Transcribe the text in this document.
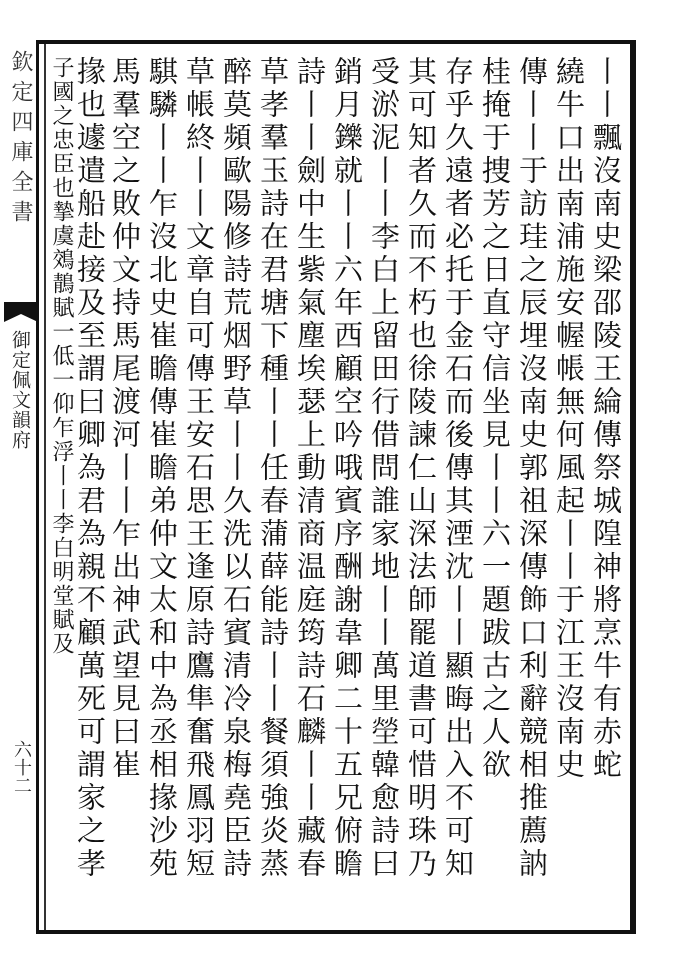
欽定四庫全書
御定佩文韻府
六十二	丨丨飄沒南史梁邵陵王綸傳祭城隍神將烹牛有赤蛇
繞牛口出南浦施安幄帳無何風起丨丨于江王沒南史
傳丨丨于訪珪之辰埋沒南史郭祖深傳飾口利辭競相推薦訥
桂掩于捜芳之日直守信坐見丨丨六一題跋古之人欲
存乎久遠者必托于金石而後傳其湮沈丨丨顯晦出入不可知
其可知者久而不朽也徐陵諫仁山深法師罷道書可惜明珠乃
受淤泥丨丨李白上留田行借問誰家地丨丨萬里塋韓愈詩曰
銷月鑠就丨丨六年西顧空吟哦賓序酬謝韋卿二十五兄俯瞻
詩丨丨劍中生紫氣塵埃瑟上動清商温庭筠詩石麟丨丨藏春
草孝羣玉詩在君塘下種丨丨任春蒲薛能詩丨丨餐須強炎蒸
醉莫頻歐陽修詩荒烟野草丨丨久洗以石賓清冷泉梅堯臣詩
草帳終丨丨文章自可傳王安石思王逢原詩鷹隼奮飛鳳羽短
騏驎丨丨乍沒北史崔瞻傳崔瞻弟仲文太和中為丞相掾沙苑
馬羣空之敗仲文持馬尾渡河丨丨乍出神武望見曰崔
掾也遽遣船赴接及至謂曰卿為君為親不顧萬死可謂家之孝
子國之忠臣也摯虞鵁鶄賦一低一仰乍浮丨丨李白明堂賦及
